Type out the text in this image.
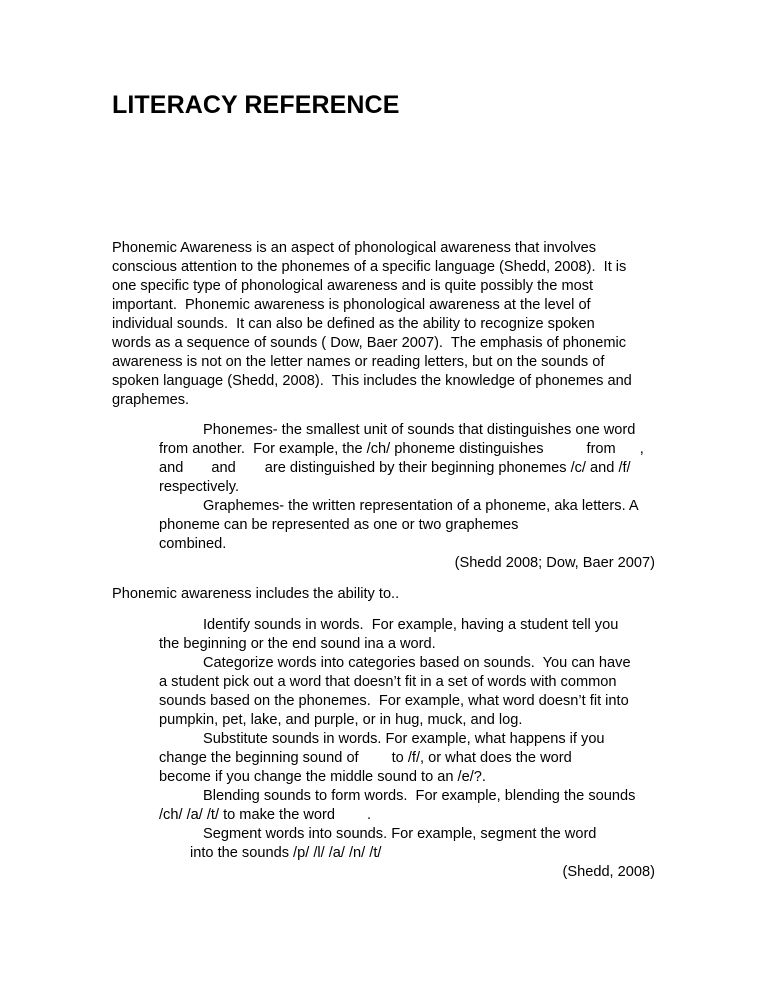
LITERACY REFERENCE

Phonemic Awareness is an aspect of phonological awareness that involves

conscious attention to the phonemes of a specific language (Shedd, 2008).  It is

one specific type of phonological awareness and is quite possibly the most

important.  Phonemic awareness is phonological awareness at the level of

individual sounds.  It can also be defined as the ability to recognize spoken

words as a sequence of sounds ( Dow, Baer 2007).  The emphasis of phonemic

awareness is not on the letter names or reading letters, but on the sounds of

spoken language (Shedd, 2008).  This includes the knowledge of phonemes and

graphemes.

Phonemes- the smallest unit of sounds that distinguishes one word

from another.  For example, the /ch/ phoneme distinguishes	from ,

and and are distinguished by their beginning phonemes /c/ and /f/

respectively.

Graphemes- the written representation of a phoneme, aka letters. A

phoneme can be represented as one or two graphemes

combined.

(Shedd 2008; Dow, Baer 2007)

Phonemic awareness includes the ability to..

Identify sounds in words.  For example, having a student tell you

the beginning or the end sound ina a word.

Categorize words into categories based on sounds.  You can have

a student pick out a word that doesn’t fit in a set of words with common

sounds based on the phonemes.  For example, what word doesn’t fit into

pumpkin, pet, lake, and purple, or in hug, muck, and log.

Substitute sounds in words. For example, what happens if you

change the beginning sound of to /f/, or what does the word

become if you change the middle sound to an /e/?.

Blending sounds to form words.  For example, blending the sounds

/ch/ /a/ /t/ to make the word .

Segment words into sounds. For example, segment the word

into the sounds /p/ /l/ /a/ /n/ /t/

(Shedd, 2008)
